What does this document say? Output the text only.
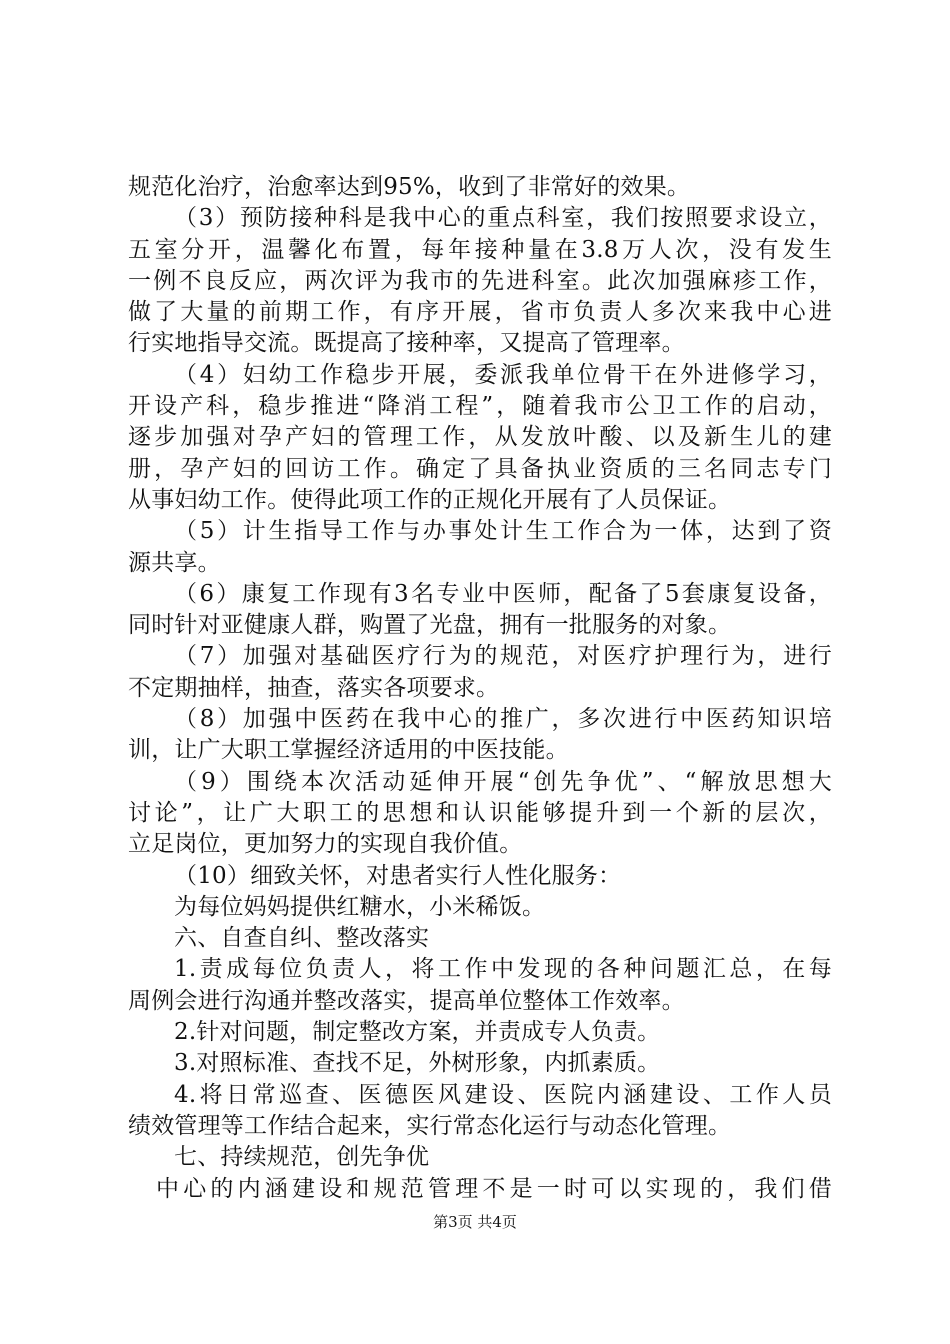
规范化治疗，治愈率达到95%，收到了非常好的效果。
（3）预防接种科是我中心的重点科室，我们按照要求设立，
五室分开，温馨化布置，每年接种量在3.8万人次，没有发生
一例不良反应，两次评为我市的先进科室。此次加强麻疹工作，
做了大量的前期工作，有序开展，省市负责人多次来我中心进
行实地指导交流。既提高了接种率，又提高了管理率。
（4）妇幼工作稳步开展，委派我单位骨干在外进修学习，
开设产科，稳步推进“降消工程”，随着我市公卫工作的启动，
逐步加强对孕产妇的管理工作，从发放叶酸、以及新生儿的建
册，孕产妇的回访工作。确定了具备执业资质的三名同志专门
从事妇幼工作。使得此项工作的正规化开展有了人员保证。
（5）计生指导工作与办事处计生工作合为一体，达到了资
源共享。
（6）康复工作现有3名专业中医师，配备了5套康复设备，
同时针对亚健康人群，购置了光盘，拥有一批服务的对象。
（7）加强对基础医疗行为的规范，对医疗护理行为，进行
不定期抽样，抽查，落实各项要求。
（8）加强中医药在我中心的推广，多次进行中医药知识培
训，让广大职工掌握经济适用的中医技能。
（9）围绕本次活动延伸开展“创先争优”、“解放思想大
讨论”，让广大职工的思想和认识能够提升到一个新的层次，
立足岗位，更加努力的实现自我价值。
（10）细致关怀，对患者实行人性化服务：
为每位妈妈提供红糖水，小米稀饭。
六、自查自纠、整改落实
1.责成每位负责人，将工作中发现的各种问题汇总，在每
周例会进行沟通并整改落实，提高单位整体工作效率。
2.针对问题，制定整改方案，并责成专人负责。
3.对照标准、查找不足，外树形象，内抓素质。
4.将日常巡查、医德医风建设、医院内涵建设、工作人员
绩效管理等工作结合起来，实行常态化运行与动态化管理。
七、持续规范，创先争优
中心的内涵建设和规范管理不是一时可以实现的，我们借
第3页 共4页
